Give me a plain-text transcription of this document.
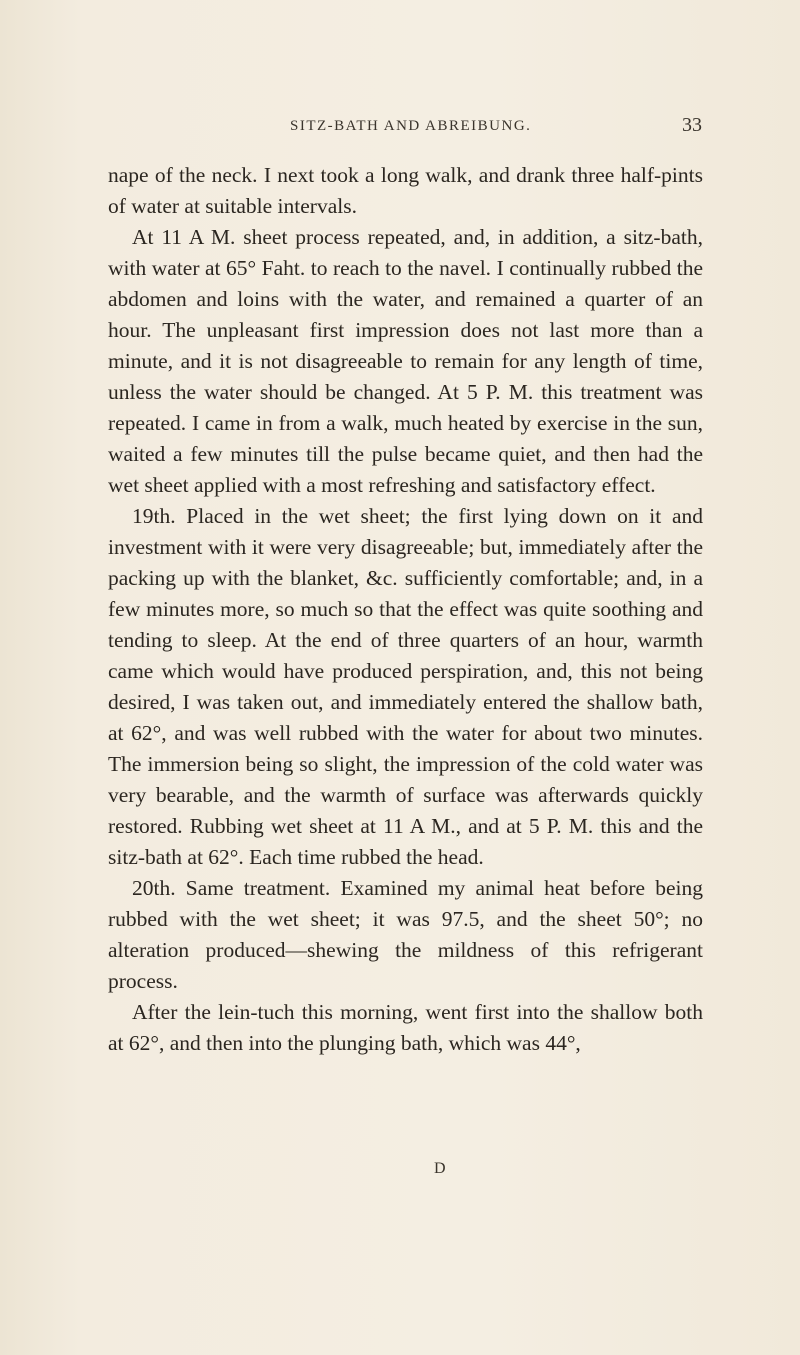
SITZ-BATH AND ABREIBUNG.	33

nape of the neck. I next took a long walk, and drank three half-pints of water at suitable intervals.

At 11 A M. sheet process repeated, and, in addition, a sitz-bath, with water at 65° Faht. to reach to the navel. I continually rubbed the abdomen and loins with the water, and remained a quarter of an hour. The unpleasant first impression does not last more than a minute, and it is not disagreeable to remain for any length of time, unless the water should be changed. At 5 P. M. this treatment was repeated. I came in from a walk, much heated by exercise in the sun, waited a few minutes till the pulse became quiet, and then had the wet sheet applied with a most refreshing and satisfactory effect.

19th. Placed in the wet sheet; the first lying down on it and investment with it were very disagreeable; but, immediately after the packing up with the blanket, &c. sufficiently comfortable; and, in a few minutes more, so much so that the effect was quite soothing and tending to sleep. At the end of three quarters of an hour, warmth came which would have produced perspiration, and, this not being desired, I was taken out, and immediately entered the shallow bath, at 62°, and was well rubbed with the water for about two minutes. The immersion being so slight, the impression of the cold water was very bearable, and the warmth of surface was afterwards quickly restored. Rubbing wet sheet at 11 A M., and at 5 P. M. this and the sitz-bath at 62°. Each time rubbed the head.

20th. Same treatment. Examined my animal heat before being rubbed with the wet sheet; it was 97.5, and the sheet 50°; no alteration produced—shewing the mildness of this refrigerant process.

After the lein-tuch this morning, went first into the shallow both at 62°, and then into the plunging bath, which was 44°,

D
